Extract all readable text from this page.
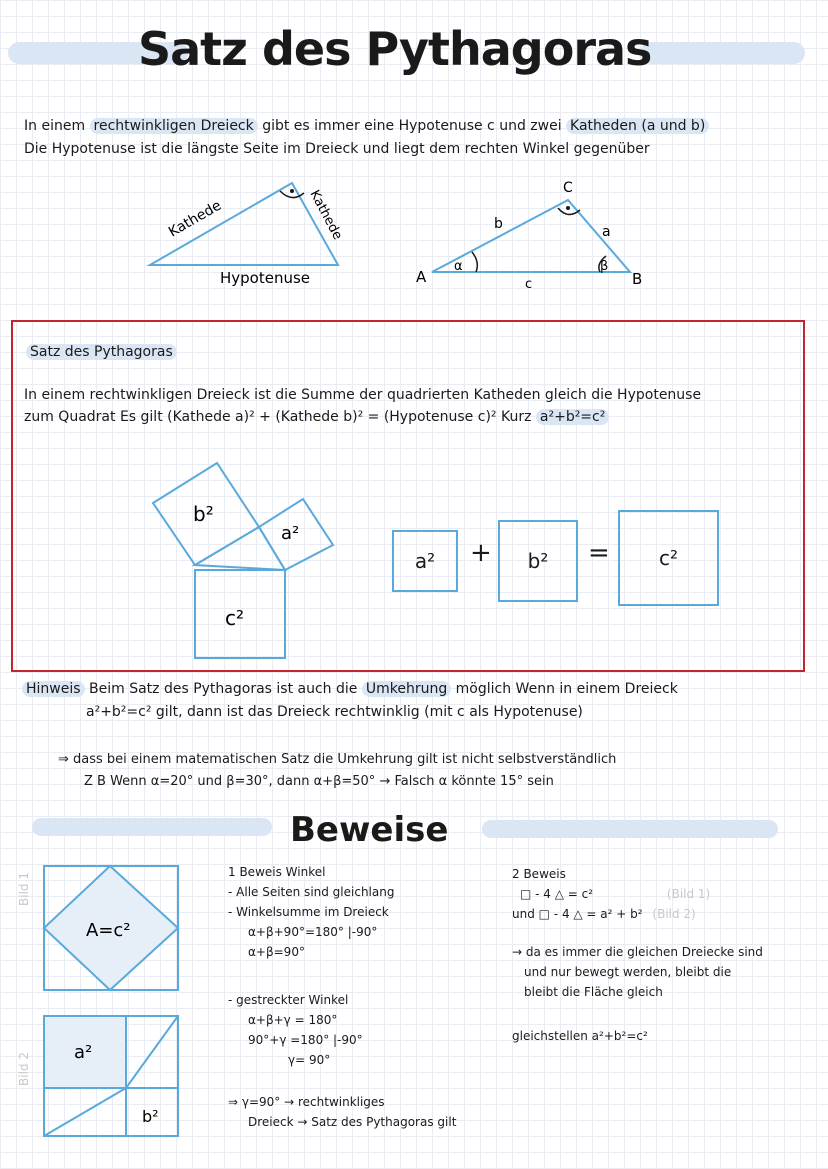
Satz des Pythagoras
In einem rechtwinkligen Dreieck gibt es immer eine Hypotenuse c und zwei Katheden (a und b)
Die Hypotenuse ist die längste Seite im Dreieck und liegt dem rechten Winkel gegenüber
Kathede	Kathede
Hypotenuse	A	B
C
a
b
c
α	β
Satz des Pythagoras
In einem rechtwinkligen Dreieck ist die Summe der quadrierten Katheden gleich die Hypotenuse
zum Quadrat Es gilt (Kathede a)² + (Kathede b)² = (Hypotenuse c)² Kurz a²+b²=c²
b²
a²
c²
a²	+	b²	=	c²
Hinweis Beim Satz des Pythagoras ist auch die Umkehrung möglich Wenn in einem Dreieck
a²+b²=c² gilt, dann ist das Dreieck rechtwinklig (mit c als Hypotenuse)
⇒ dass bei einem matematischen Satz die Umkehrung gilt ist nicht selbstverständlich
Z B Wenn α=20° und β=30°, dann α+β=50° → Falsch α könnte 15° sein
Beweise
Bild 1
Bild 2
A=c²
a²
b²
1 Beweis Winkel
- Alle Seiten sind gleichlang
- Winkelsumme im Dreieck
α+β+90°=180° |-90°
α+β=90°
- gestreckter Winkel
α+β+γ = 180°
90°+γ =180° |-90°
γ= 90°
⇒ γ=90° → rechtwinkliges
Dreieck → Satz des Pythagoras gilt
2 Beweis
□ - 4 △ = c²	(Bild 1)
und □ - 4 △ = a² + b² (Bild 2)
→ da es immer die gleichen Dreiecke sind
und nur bewegt werden, bleibt die
bleibt die Fläche gleich
gleichstellen a²+b²=c²
